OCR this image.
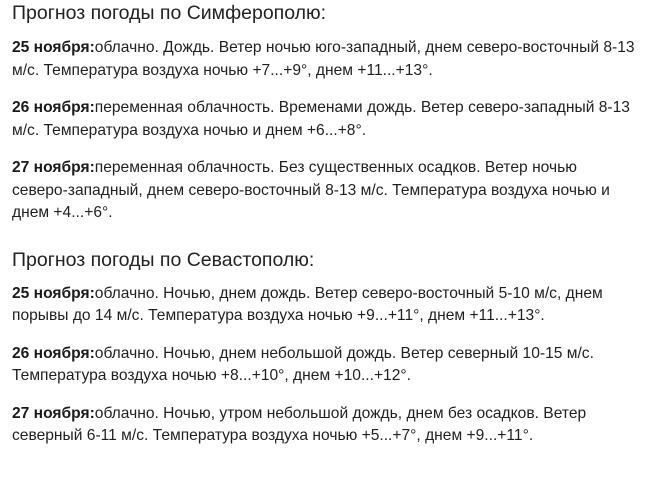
Прогноз погоды по Симферополю:

25 ноября:облачно. Дождь. Ветер ночью юго-западный, днем северо-восточный 8-13 м/с. Температура воздуха ночью +7...+9°, днем +11...+13°.

26 ноября:переменная облачность. Временами дождь. Ветер северо-западный 8-13 м/с. Температура воздуха ночью и днем +6...+8°.

27 ноября:переменная облачность. Без существенных осадков. Ветер ночью северо-западный, днем северо-восточный 8-13 м/с. Температура воздуха ночью и днем +4...+6°.

Прогноз погоды по Севастополю:

25 ноября:облачно. Ночью, днем дождь. Ветер северо-восточный 5-10 м/с, днем порывы до 14 м/с. Температура воздуха ночью +9...+11°, днем +11...+13°.

26 ноября:облачно. Ночью, днем небольшой дождь. Ветер северный 10-15 м/с. Температура воздуха ночью +8...+10°, днем +10...+12°.

27 ноября:облачно. Ночью, утром небольшой дождь, днем без осадков. Ветер северный 6-11 м/с. Температура воздуха ночью +5...+7°, днем +9...+11°.
